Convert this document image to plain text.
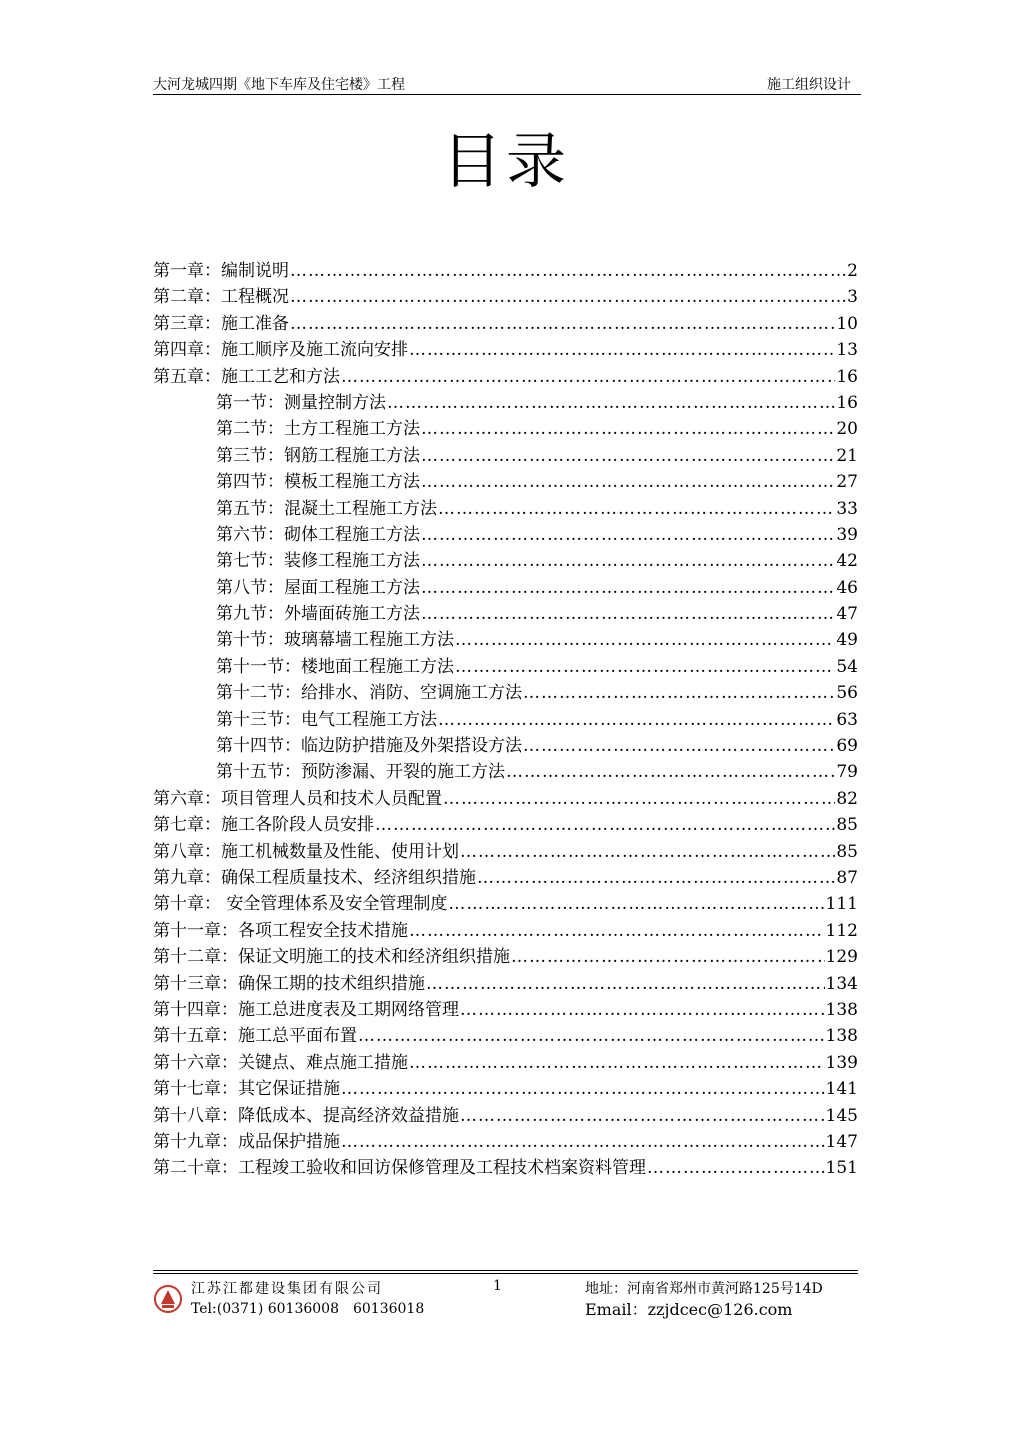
大河龙城四期《地下车库及住宅楼》工程	施工组织设计
目录
第一章：编制说明 ……………………………………………………………………………………………………………………………………………………	2
第二章：工程概况 ……………………………………………………………………………………………………………………………………………………	3
第三章：施工准备 ……………………………………………………………………………………………………………………………………………………	10
第四章：施工顺序及施工流向安排 ……………………………………………………………………………………………………………………………………………………	13
第五章：施工工艺和方法 ……………………………………………………………………………………………………………………………………………………	16
第一节：测量控制方法 ……………………………………………………………………………………………………………………………………………………	16
第二节：土方工程施工方法 ……………………………………………………………………………………………………………………………………………………	20
第三节：钢筋工程施工方法 ……………………………………………………………………………………………………………………………………………………	21
第四节：模板工程施工方法 ……………………………………………………………………………………………………………………………………………………	27
第五节：混凝土工程施工方法 ……………………………………………………………………………………………………………………………………………………	33
第六节：砌体工程施工方法 ……………………………………………………………………………………………………………………………………………………	39
第七节：装修工程施工方法 ……………………………………………………………………………………………………………………………………………………	42
第八节：屋面工程施工方法 ……………………………………………………………………………………………………………………………………………………	46
第九节：外墙面砖施工方法 ……………………………………………………………………………………………………………………………………………………	47
第十节：玻璃幕墙工程施工方法 ……………………………………………………………………………………………………………………………………………………	49
第十一节：楼地面工程施工方法 ……………………………………………………………………………………………………………………………………………………	54
第十二节：给排水、消防、空调施工方法 ……………………………………………………………………………………………………………………………………………………	56
第十三节：电气工程施工方法 ……………………………………………………………………………………………………………………………………………………	63
第十四节：临边防护措施及外架搭设方法 ……………………………………………………………………………………………………………………………………………………	69
第十五节：预防渗漏、开裂的施工方法 ……………………………………………………………………………………………………………………………………………………	79
第六章：项目管理人员和技术人员配置 ……………………………………………………………………………………………………………………………………………………	82
第七章：施工各阶段人员安排 ……………………………………………………………………………………………………………………………………………………	85
第八章：施工机械数量及性能、使用计划 ……………………………………………………………………………………………………………………………………………………	85
第九章：确保工程质量技术、经济组织措施 ……………………………………………………………………………………………………………………………………………………	87
第十章： 安全管理体系及安全管理制度 ……………………………………………………………………………………………………………………………………………………	111
第十一章：各项工程安全技术措施 ……………………………………………………………………………………………………………………………………………………	112
第十二章：保证文明施工的技术和经济组织措施 ……………………………………………………………………………………………………………………………………………………	129
第十三章：确保工期的技术组织措施 ……………………………………………………………………………………………………………………………………………………	134
第十四章：施工总进度表及工期网络管理 ……………………………………………………………………………………………………………………………………………………	138
第十五章：施工总平面布置 ……………………………………………………………………………………………………………………………………………………	138
第十六章：关键点、难点施工措施 ……………………………………………………………………………………………………………………………………………………	139
第十七章：其它保证措施 ……………………………………………………………………………………………………………………………………………………	141
第十八章：降低成本、提高经济效益措施 ……………………………………………………………………………………………………………………………………………………	145
第十九章：成品保护措施 ……………………………………………………………………………………………………………………………………………………	147
第二十章：工程竣工验收和回访保修管理及工程技术档案资料管理 ……………………………………………………………………………………………………………………………………………………	151
江苏江都建设集团有限公司
Tel:(0371) 60136008　60136018
1	地址：河南省郑州市黄河路125号14D
Email：zzjdcec@126.com
